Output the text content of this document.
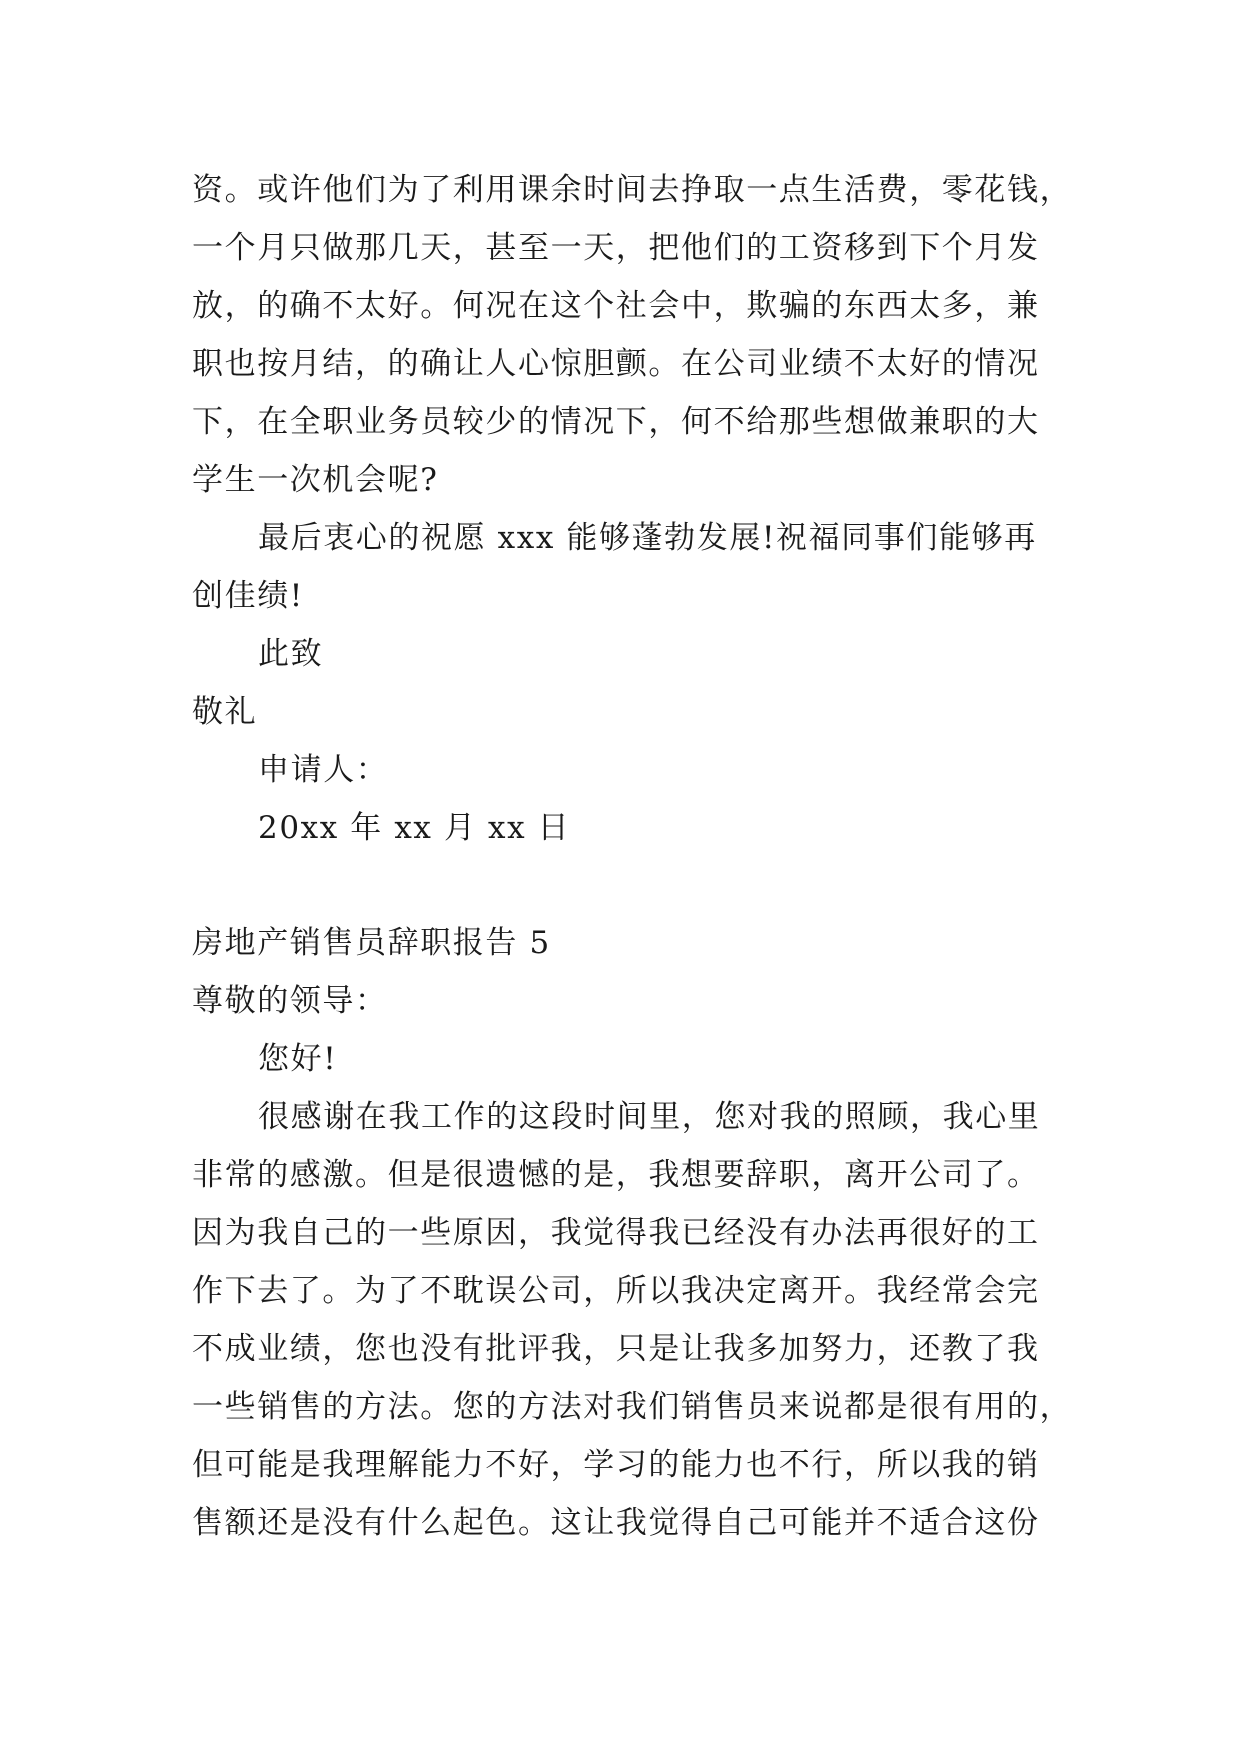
资。或许他们为了利用课余时间去挣取一点生活费，零花钱，
一个月只做那几天，甚至一天，把他们的工资移到下个月发
放，的确不太好。何况在这个社会中，欺骗的东西太多，兼
职也按月结，的确让人心惊胆颤。在公司业绩不太好的情况
下，在全职业务员较少的情况下，何不给那些想做兼职的大
学生一次机会呢?
最后衷心的祝愿 xxx 能够蓬勃发展!祝福同事们能够再
创佳绩!
此致
敬礼
申请人：
20xx 年 xx 月 xx 日
房地产销售员辞职报告 5
尊敬的领导：
您好!
很感谢在我工作的这段时间里，您对我的照顾，我心里
非常的感激。但是很遗憾的是，我想要辞职，离开公司了。
因为我自己的一些原因，我觉得我已经没有办法再很好的工
作下去了。为了不耽误公司，所以我决定离开。我经常会完
不成业绩，您也没有批评我，只是让我多加努力，还教了我
一些销售的方法。您的方法对我们销售员来说都是很有用的，
但可能是我理解能力不好，学习的能力也不行，所以我的销
售额还是没有什么起色。这让我觉得自己可能并不适合这份
